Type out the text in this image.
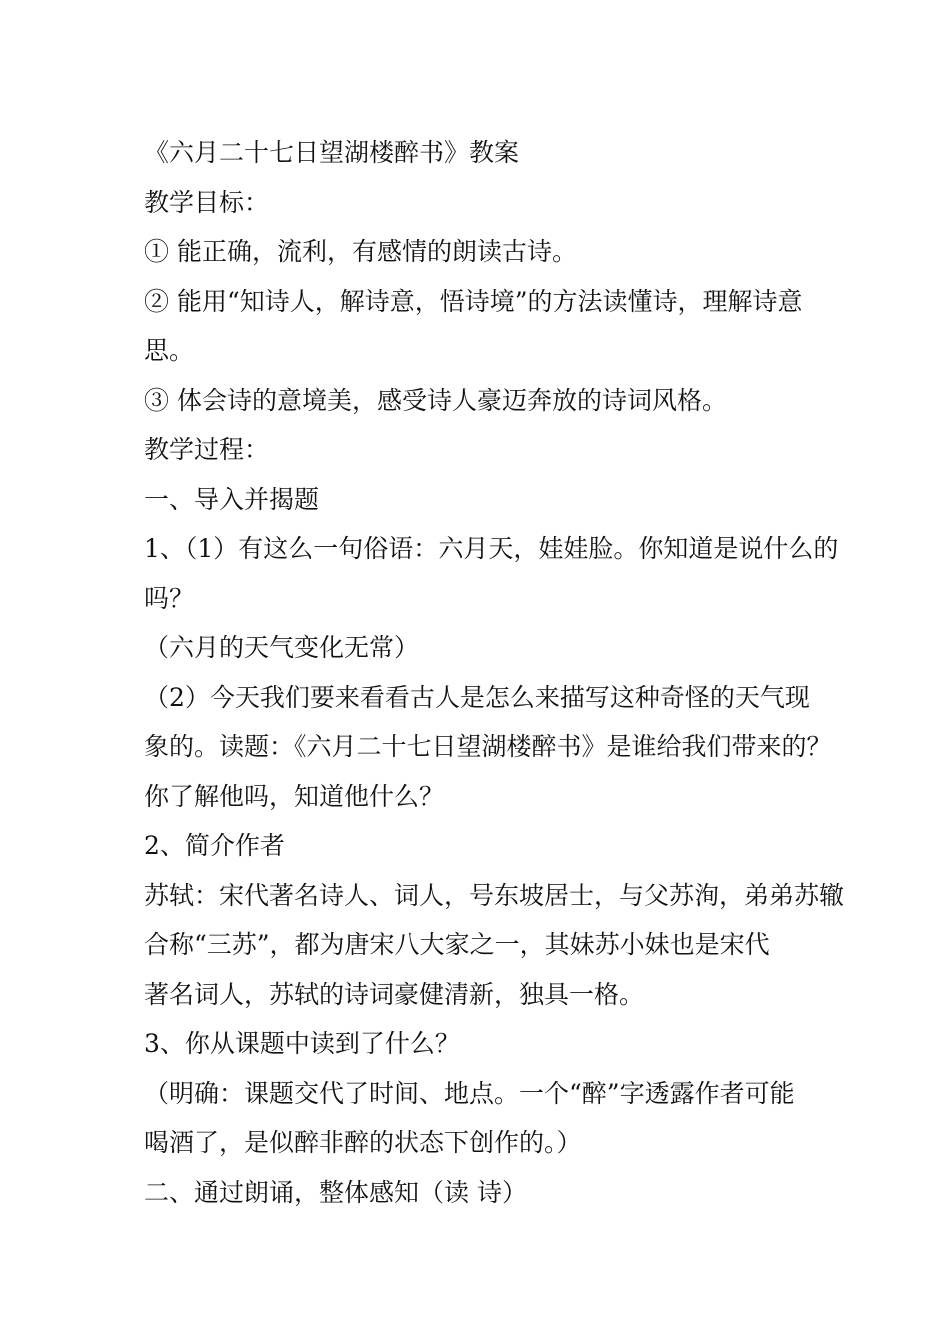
《六月二十七日望湖楼醉书》教案
教学目标：
① 能正确，流利，有感情的朗读古诗。
② 能用“知诗人，解诗意，悟诗境”的方法读懂诗，理解诗意
思。
③ 体会诗的意境美，感受诗人豪迈奔放的诗词风格。
教学过程：
一、导入并揭题
1、（1）有这么一句俗语：六月天，娃娃脸。你知道是说什么的
吗？
（六月的天气变化无常）
（2）今天我们要来看看古人是怎么来描写这种奇怪的天气现
象的。读题：《六月二十七日望湖楼醉书》是谁给我们带来的？
你了解他吗，知道他什么？
2、简介作者
苏轼：宋代著名诗人、词人，号东坡居士，与父苏洵，弟弟苏辙
合称“三苏”，都为唐宋八大家之一，其妹苏小妹也是宋代
著名词人，苏轼的诗词豪健清新，独具一格。
3、你从课题中读到了什么？
（明确：课题交代了时间、地点。一个“醉”字透露作者可能
喝酒了，是似醉非醉的状态下创作的。）
二、通过朗诵，整体感知（读 诗）
